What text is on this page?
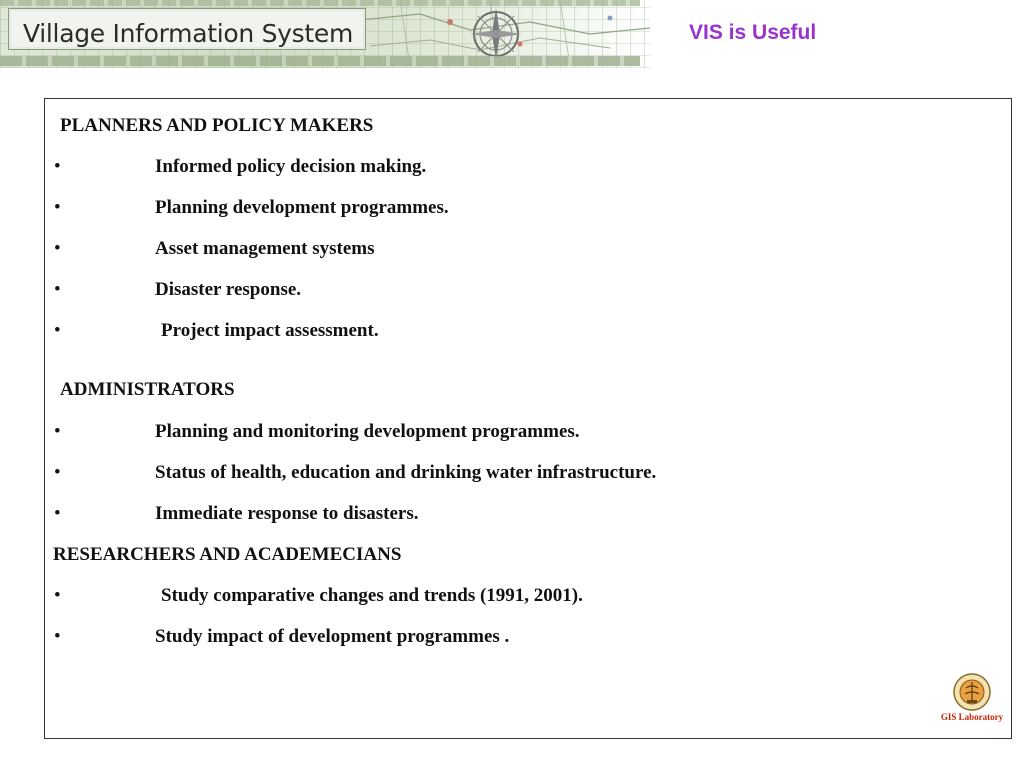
Village Information System	VIS is Useful
PLANNERS AND POLICY MAKERS
•	Informed policy decision making.
•	Planning development programmes.
•	Asset management systems
•	Disaster response.
•	Project impact assessment.
ADMINISTRATORS
•	Planning and monitoring development programmes.
•	Status of health, education and drinking water infrastructure.
•	Immediate response to disasters.
RESEARCHERS AND ACADEMECIANS
•	Study comparative changes and trends (1991, 2001).
•	Study impact of development programmes .
GIS Laboratory
